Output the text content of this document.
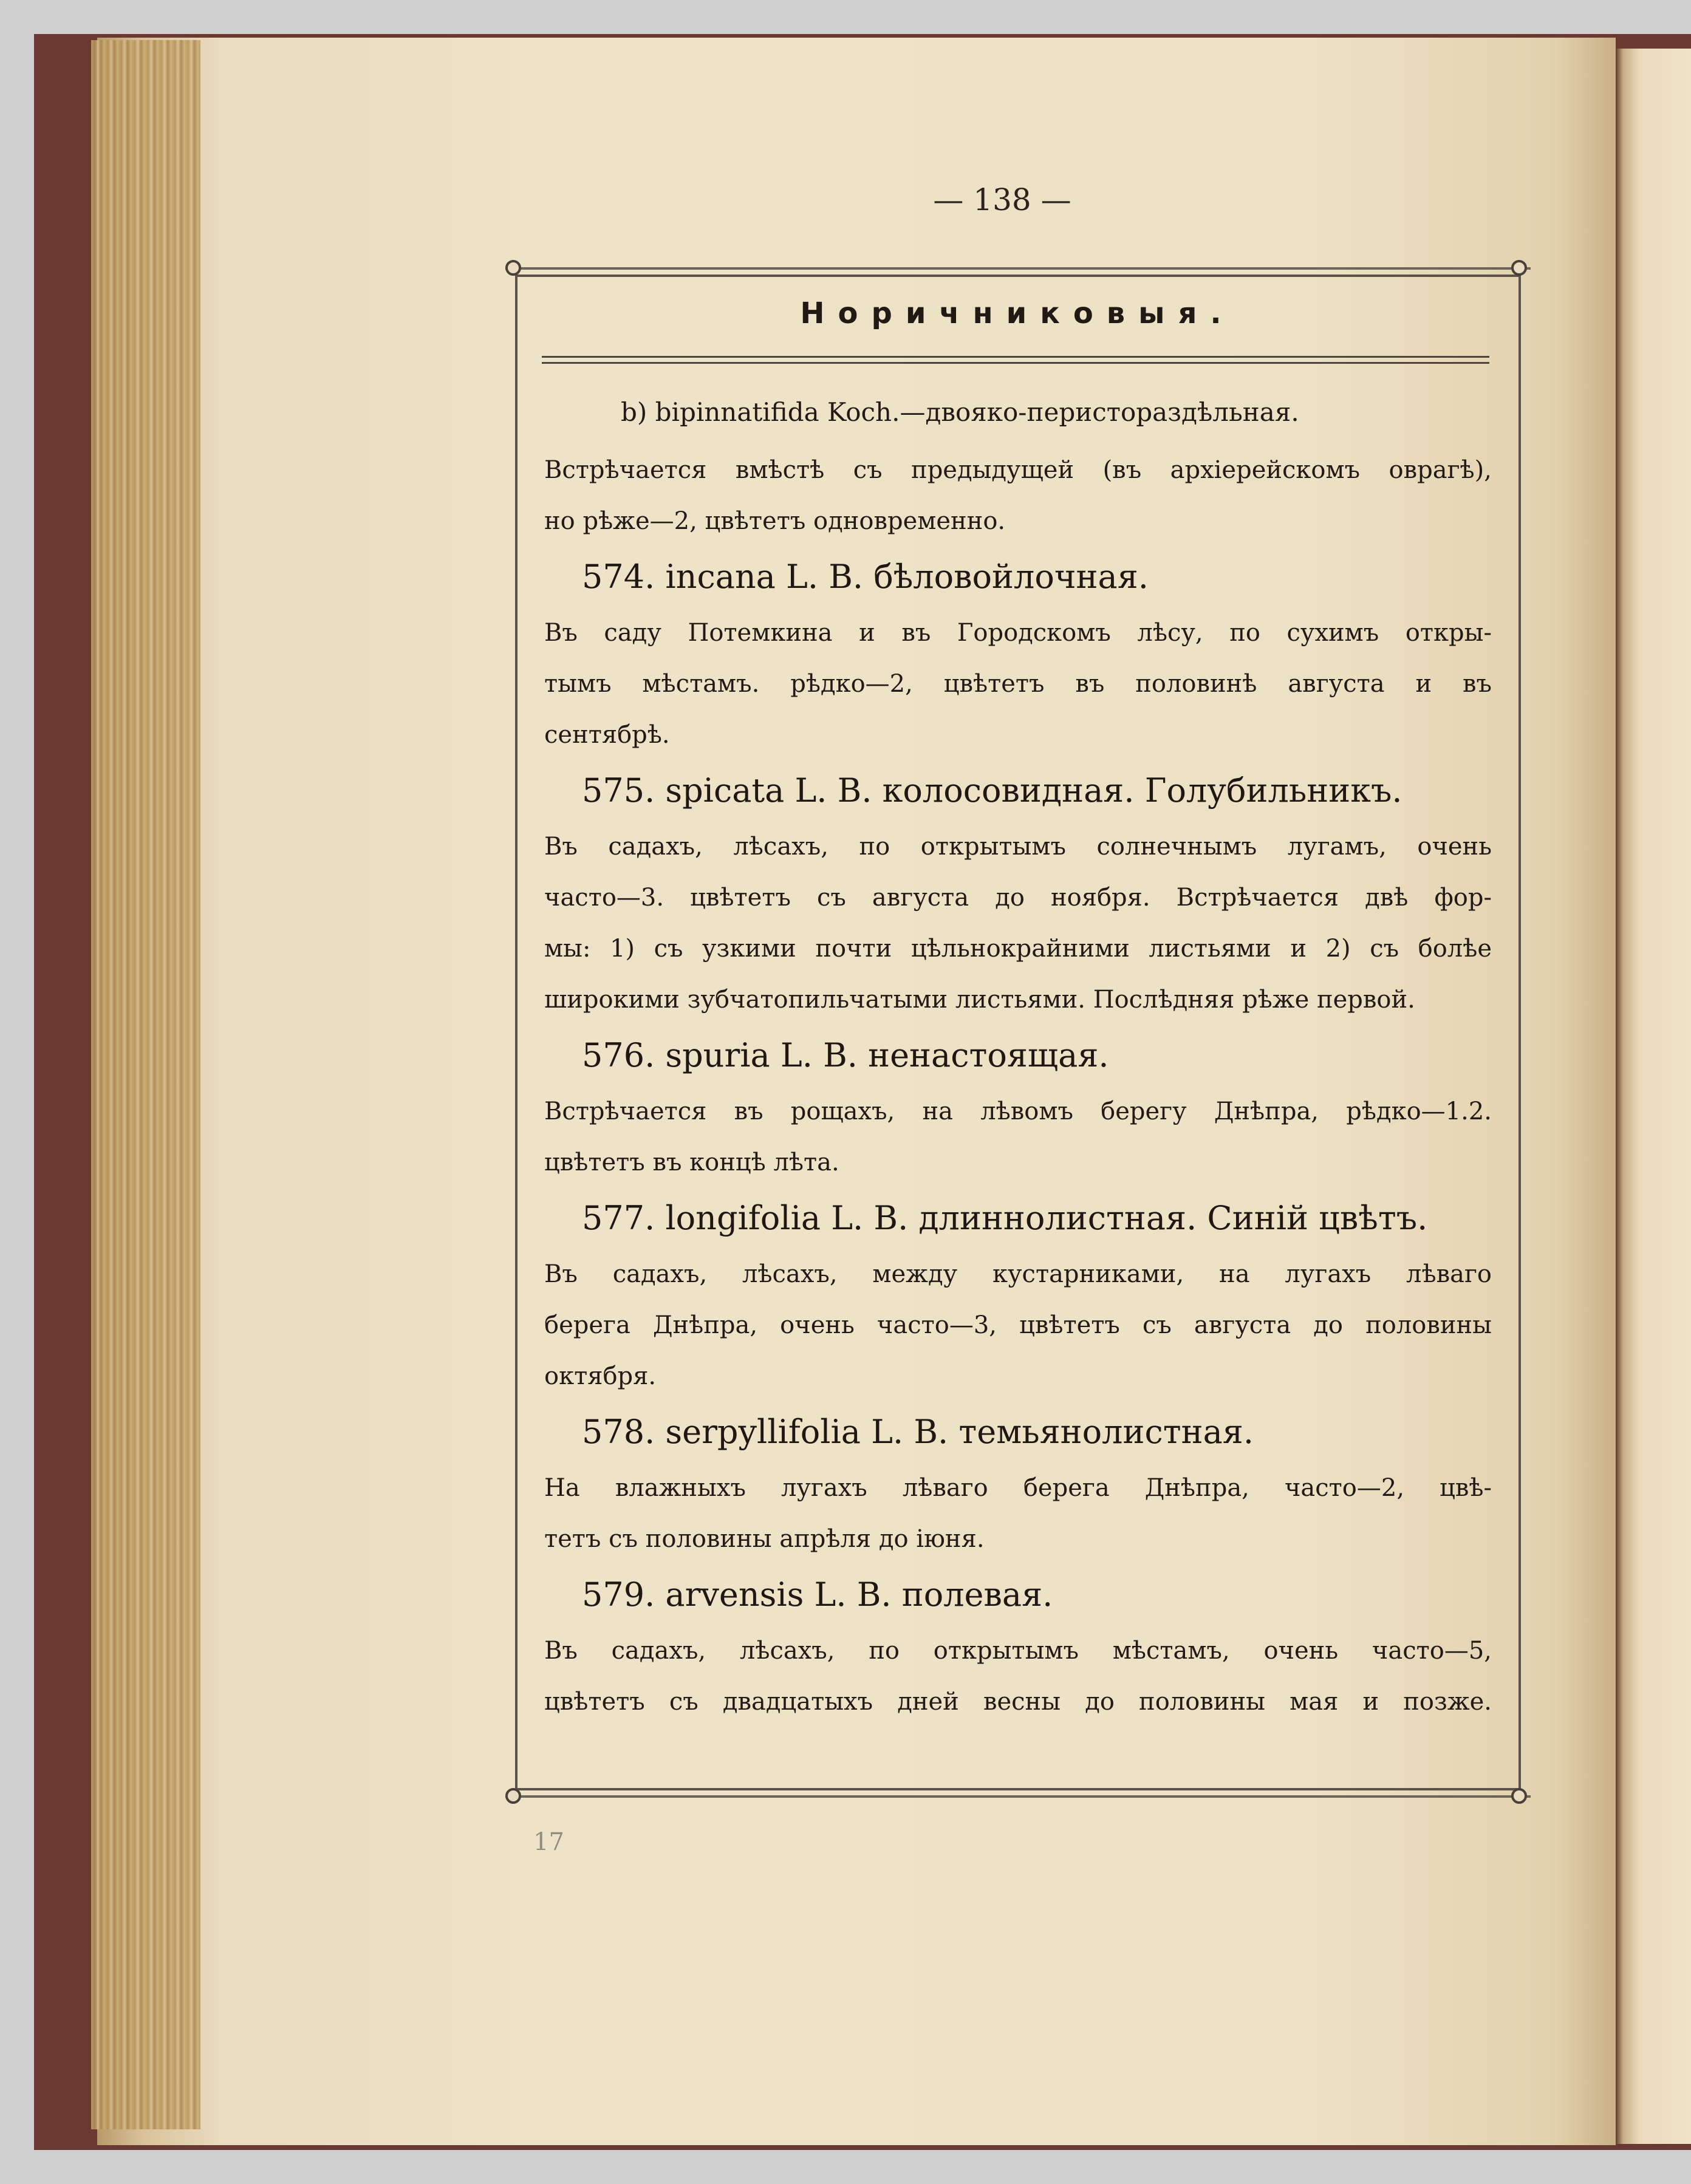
— 138 —
Норичниковыя.
b) bipinnatifida Koch.—двояко-перистораздѣльная.
Встрѣчается вмѣстѣ съ предыдущей (въ архіерейскомъ оврагѣ),
но рѣже—2, цвѣтетъ одновременно.
574. incana L. B. бѣловойлочная.
Въ саду Потемкина и въ Городскомъ лѣсу, по сухимъ откры-
тымъ мѣстамъ. рѣдко—2, цвѣтетъ въ половинѣ августа и въ
сентябрѣ.
575. spicata L. B. колосовидная. Голубильникъ.
Въ садахъ, лѣсахъ, по открытымъ солнечнымъ лугамъ, очень
часто—3. цвѣтетъ съ августа до ноября. Встрѣчается двѣ фор-
мы: 1) съ узкими почти цѣльнокрайними листьями и 2) съ болѣе
широкими зубчатопильчатыми листьями. Послѣдняя рѣже первой.
576. spuria L. B. ненастоящая.
Встрѣчается въ рощахъ, на лѣвомъ берегу Днѣпра, рѣдко—1.2.
цвѣтетъ въ концѣ лѣта.
577. longifolia L. B. длиннолистная. Синій цвѣтъ.
Въ садахъ, лѣсахъ, между кустарниками, на лугахъ лѣваго
берега Днѣпра, очень часто—3, цвѣтетъ съ августа до половины
октября.
578. serpyllifolia L. B. темьянолистная.
На влажныхъ лугахъ лѣваго берега Днѣпра, часто—2, цвѣ-
тетъ съ половины апрѣля до іюня.
579. arvensis L. B. полевая.
Въ садахъ, лѣсахъ, по открытымъ мѣстамъ, очень часто—5,
цвѣтетъ съ двадцатыхъ дней весны до половины мая и позже.
17
